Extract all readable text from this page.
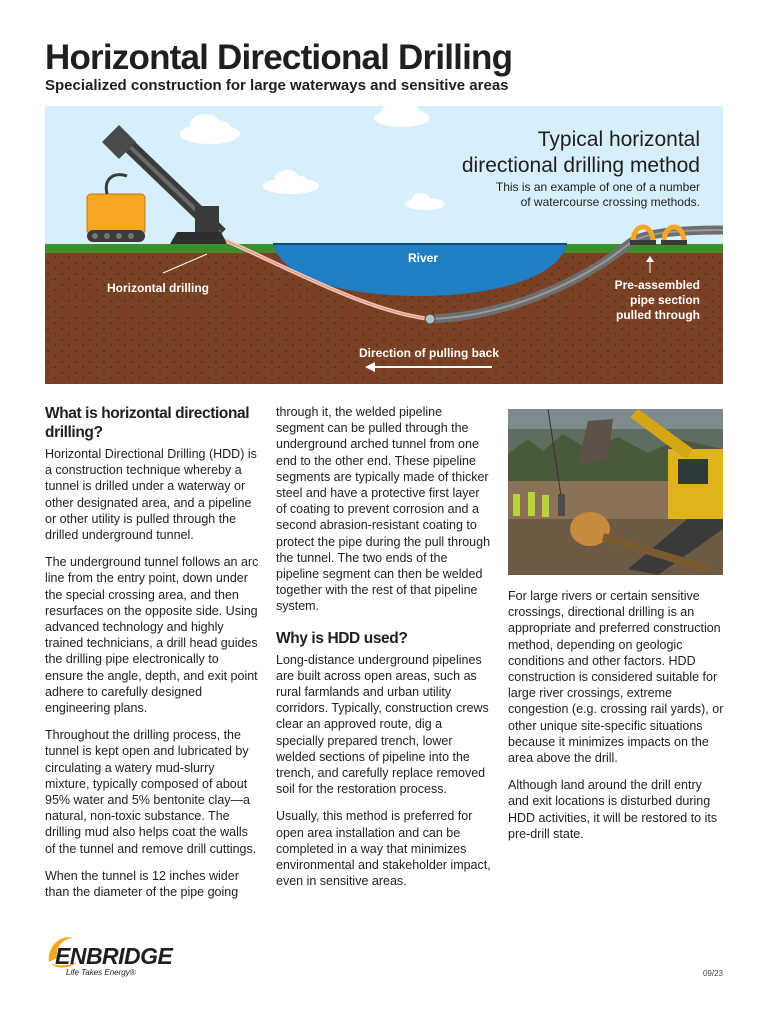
Horizontal Directional Drilling
Specialized construction for large waterways and sensitive areas
Typical horizontal
directional drilling method
This is an example of one of a number
of watercourse crossing methods.
River
Horizontal drilling	Pre-assembled
pipe section
pulled through
Direction of pulling back
What is horizontal directional drilling?

Horizontal Directional Drilling (HDD) is a construction technique whereby a tunnel is drilled under a waterway or other designated area, and a pipeline or other utility is pulled through the drilled underground tunnel.

The underground tunnel follows an arc line from the entry point, down under the special crossing area, and then resurfaces on the opposite side. Using advanced technology and highly trained technicians, a drill head guides the drilling pipe electronically to ensure the angle, depth, and exit point adhere to carefully designed engineering plans.

Throughout the drilling process, the tunnel is kept open and lubricated by circulating a watery mud-slurry mixture, typically composed of about 95% water and 5% bentonite clay—a natural, non-toxic substance. The drilling mud also helps coat the walls of the tunnel and remove drill cuttings.

When the tunnel is 12 inches wider than the diameter of the pipe going

through it, the welded pipeline segment can be pulled through the underground arched tunnel from one end to the other end. These pipeline segments are typically made of thicker steel and have a protective first layer of coating to prevent corrosion and a second abrasion-resistant coating to protect the pipe during the pull through the tunnel. The two ends of the pipeline segment can then be welded together with the rest of that pipeline system.

Why is HDD used?

Long-distance underground pipelines are built across open areas, such as rural farmlands and urban utility corridors. Typically, construction crews clear an approved route, dig a specially prepared trench, lower welded sections of pipeline into the trench, and carefully replace removed soil for the restoration process.

Usually, this method is preferred for open area installation and can be completed in a way that minimizes environmental and stakeholder impact, even in sensitive areas.

For large rivers or certain sensitive crossings, directional drilling is an appropriate and preferred construction method, depending on geologic conditions and other factors. HDD construction is considered suitable for large river crossings, extreme congestion (e.g. crossing rail yards), or other unique site-specific situations because it minimizes impacts on the area above the drill.

Although land around the drill entry and exit locations is disturbed during HDD activities, it will be restored to its pre-drill state.

ENBRIDGE
Life Takes Energy®	09/23
